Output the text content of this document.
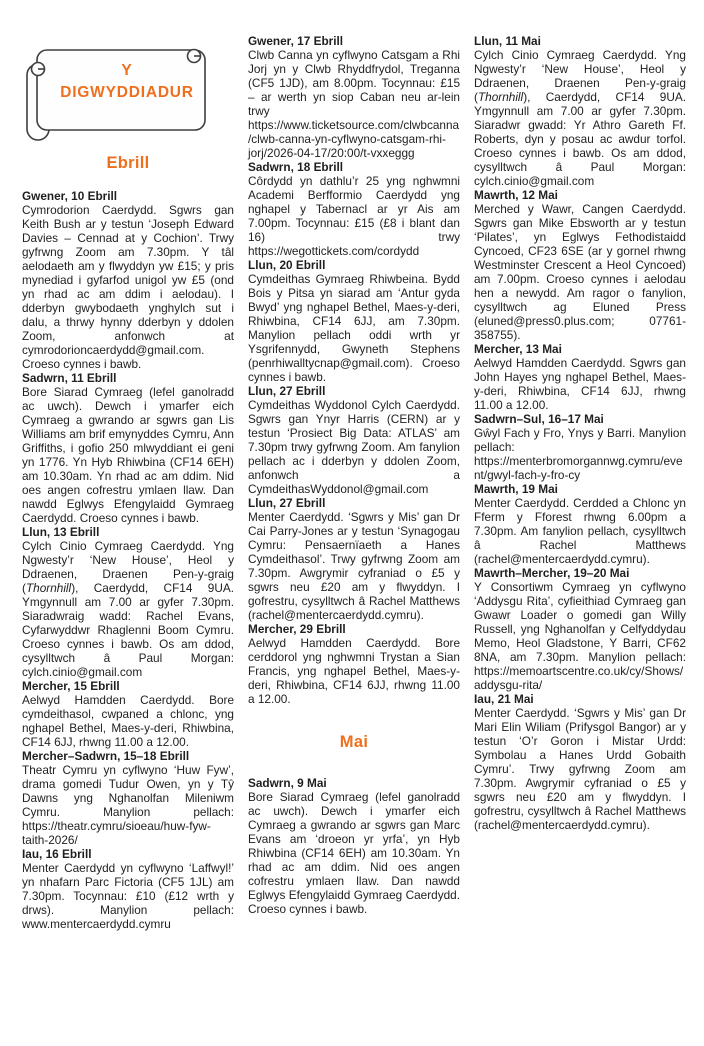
Y
DIGWYDDIADUR
Ebrill
Gwener, 10 Ebrill
Cymrodorion Caerdydd. Sgwrs gan Keith Bush ar y testun ‘Joseph Edward Davies – Cennad at y Cochion’. Trwy gyfrwng Zoom am 7.30pm. Y tâl aelodaeth am y flwyddyn yw £15; y pris mynediad i gyfarfod unigol yw £5 (ond yn rhad ac am ddim i aelodau). I dderbyn gwybodaeth ynghylch sut i dalu, a thrwy hynny dderbyn y ddolen Zoom, anfonwch at cymrodorioncaerdydd@gmail.com. Croeso cynnes i bawb.
Sadwrn, 11 Ebrill
Bore Siarad Cymraeg (lefel ganolradd ac uwch). Dewch i ymarfer eich Cymraeg a gwrando ar sgwrs gan Lis Williams am brif emynyddes Cymru, Ann Griffiths, i gofio 250 mlwyddiant ei geni yn 1776. Yn Hyb Rhiwbina (CF14 6EH) am 10.30am. Yn rhad ac am ddim. Nid oes angen cofrestru ymlaen llaw. Dan nawdd Eglwys Efengylaidd Gymraeg Caerdydd. Croeso cynnes i bawb.
Llun, 13 Ebrill
Cylch Cinio Cymraeg Caerdydd. Yng Ngwesty’r ‘New House’, Heol y Ddraenen, Draenen Pen-y-graig (Thornhill), Caerdydd, CF14 9UA. Ymgynnull am 7.00 ar gyfer 7.30pm. Siaradwraig wadd: Rachel Evans, Cyfarwyddwr Rhaglenni Boom Cymru. Croeso cynnes i bawb. Os am ddod, cysylltwch â Paul Morgan: cylch.cinio@gmail.com
Mercher, 15 Ebrill
Aelwyd Hamdden Caerdydd. Bore cymdeithasol, cwpaned a chlonc, yng nghapel Bethel, Maes-y-deri, Rhiwbina, CF14 6JJ, rhwng 11.00 a 12.00.
Mercher–Sadwrn, 15–18 Ebrill
Theatr Cymru yn cyflwyno ‘Huw Fyw’, drama gomedi Tudur Owen, yn y Tŷ Dawns yng Nghanolfan Mileniwm Cymru. Manylion pellach: https://theatr.cymru/sioeau/huw-fyw-taith-2026/
Iau, 16 Ebrill
Menter Caerdydd yn cyflwyno ‘Laffwyl!’ yn nhafarn Parc Fictoria (CF5 1JL) am 7.30pm. Tocynnau: £10 (£12 wrth y drws). Manylion pellach: www.mentercaerdydd.cymru
Gwener, 17 Ebrill
Clwb Canna yn cyflwyno Catsgam a Rhi Jorj yn y Clwb Rhyddfrydol, Treganna (CF5 1JD), am 8.00pm. Tocynnau: £15 – ar werth yn siop Caban neu ar-lein trwy https://www.ticketsource.com/clwbcanna/clwb-canna-yn-cyflwyno-catsgam-rhi-jorj/2026-04-17/20:00/t-vxxeggg
Sadwrn, 18 Ebrill
Côrdydd yn dathlu’r 25 yng nghwmni Academi Berfformio Caerdydd yng nghapel y Tabernacl ar yr Ais am 7.00pm. Tocynnau: £15 (£8 i blant dan 16) trwy https://wegottickets.com/cordydd
Llun, 20 Ebrill
Cymdeithas Gymraeg Rhiwbeina. Bydd Bois y Pitsa yn siarad am ‘Antur gyda Bwyd’ yng nghapel Bethel, Maes-y-deri, Rhiwbina, CF14 6JJ, am 7.30pm. Manylion pellach oddi wrth yr Ysgrifennydd, Gwyneth Stephens (penrhiwalltycnap@gmail.com). Croeso cynnes i bawb.
Llun, 27 Ebrill
Cymdeithas Wyddonol Cylch Caerdydd. Sgwrs gan Ynyr Harris (CERN) ar y testun ‘Prosiect Big Data: ATLAS’ am 7.30pm trwy gyfrwng Zoom. Am fanylion pellach ac i dderbyn y ddolen Zoom, anfonwch a CymdeithasWyddonol@gmail.com
Llun, 27 Ebrill
Menter Caerdydd. ‘Sgwrs y Mis’ gan Dr Cai Parry-Jones ar y testun ‘Synagogau Cymru: Pensaernïaeth a Hanes Cymdeithasol’. Trwy gyfrwng Zoom am 7.30pm. Awgrymir cyfraniad o £5 y sgwrs neu £20 am y flwyddyn. I gofrestru, cysylltwch â Rachel Matthews (rachel@mentercaerdydd.cymru).
Mercher, 29 Ebrill
Aelwyd Hamdden Caerdydd. Bore cerddorol yng nghwmni Trystan a Sian Francis, yng nghapel Bethel, Maes-y-deri, Rhiwbina, CF14 6JJ, rhwng 11.00 a 12.00.
Mai
Sadwrn, 9 Mai
Bore Siarad Cymraeg (lefel ganolradd ac uwch). Dewch i ymarfer eich Cymraeg a gwrando ar sgwrs gan Marc Evans am ‘droeon yr yrfa’, yn Hyb Rhiwbina (CF14 6EH) am 10.30am. Yn rhad ac am ddim. Nid oes angen cofrestru ymlaen llaw. Dan nawdd Eglwys Efengylaidd Gymraeg Caerdydd. Croeso cynnes i bawb.
Llun, 11 Mai
Cylch Cinio Cymraeg Caerdydd. Yng Ngwesty’r ‘New House’, Heol y Ddraenen, Draenen Pen-y-graig (Thornhill), Caerdydd, CF14 9UA. Ymgynnull am 7.00 ar gyfer 7.30pm. Siaradwr gwadd: Yr Athro Gareth Ff. Roberts, dyn y posau ac awdur torfol. Croeso cynnes i bawb. Os am ddod, cysylltwch â Paul Morgan: cylch.cinio@gmail.com
Mawrth, 12 Mai
Merched y Wawr, Cangen Caerdydd. Sgwrs gan Mike Ebsworth ar y testun ‘Pilates’, yn Eglwys Fethodistaidd Cyncoed, CF23 6SE (ar y gornel rhwng Westminster Crescent a Heol Cyncoed) am 7.00pm. Croeso cynnes i aelodau hen a newydd. Am ragor o fanylion, cysylltwch ag Eluned Press (eluned@press0.plus.com; 07761-358755).
Mercher, 13 Mai
Aelwyd Hamdden Caerdydd. Sgwrs gan John Hayes yng nghapel Bethel, Maes-y-deri, Rhiwbina, CF14 6JJ, rhwng 11.00 a 12.00.
Sadwrn–Sul, 16–17 Mai
Gŵyl Fach y Fro, Ynys y Barri. Manylion pellach: https://menterbromorgannwg.cymru/event/gwyl-fach-y-fro-cy
Mawrth, 19 Mai
Menter Caerdydd. Cerdded a Chlonc yn Fferm y Fforest rhwng 6.00pm a 7.30pm. Am fanylion pellach, cysylltwch â Rachel Matthews (rachel@mentercaerdydd.cymru).
Mawrth–Mercher, 19–20 Mai
Y Consortiwm Cymraeg yn cyflwyno ‘Addysgu Rita’, cyfieithiad Cymraeg gan Gwawr Loader o gomedi gan Willy Russell, yng Nghanolfan y Celfyddydau Memo, Heol Gladstone, Y Barri, CF62 8NA, am 7.30pm. Manylion pellach: https://memoartscentre.co.uk/cy/Shows/addysgu-rita/
Iau, 21 Mai
Menter Caerdydd. ‘Sgwrs y Mis’ gan Dr Mari Elin Wiliam (Prifysgol Bangor) ar y testun ‘O’r Goron i Mistar Urdd: Symbolau a Hanes Urdd Gobaith Cymru’. Trwy gyfrwng Zoom am 7.30pm. Awgrymir cyfraniad o £5 y sgwrs neu £20 am y flwyddyn. I gofrestru, cysylltwch â Rachel Matthews (rachel@mentercaerdydd.cymru).
